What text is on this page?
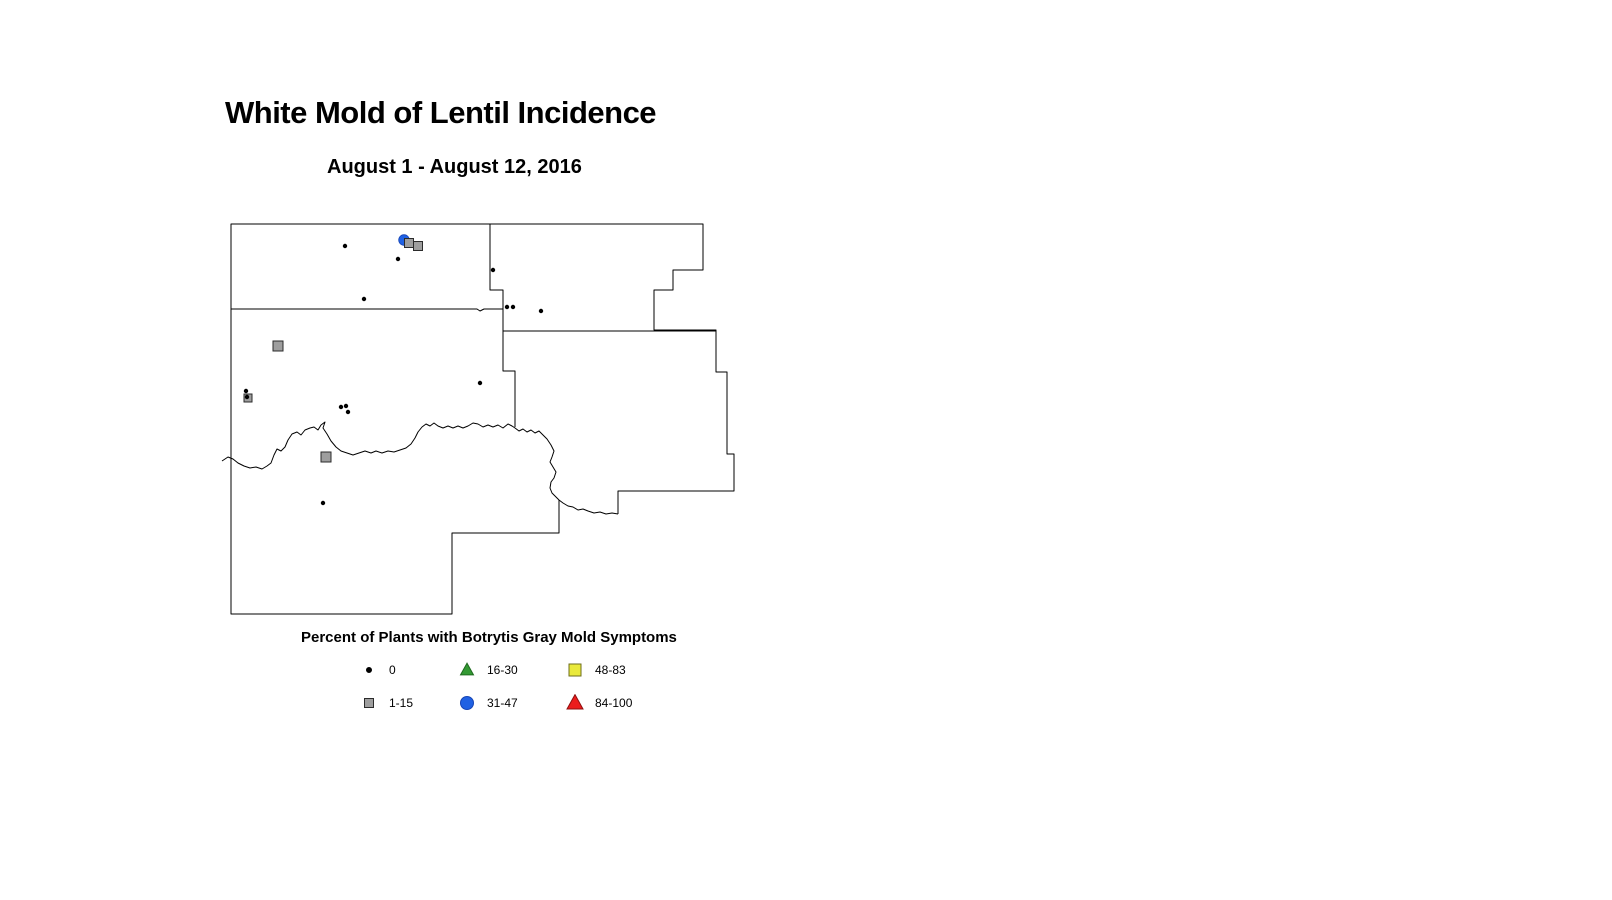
White Mold of Lentil Incidence
August 1 - August 12, 2016
Percent of Plants with Botrytis Gray Mold Symptoms
0
1-15
16-30
31-47
48-83
84-100
